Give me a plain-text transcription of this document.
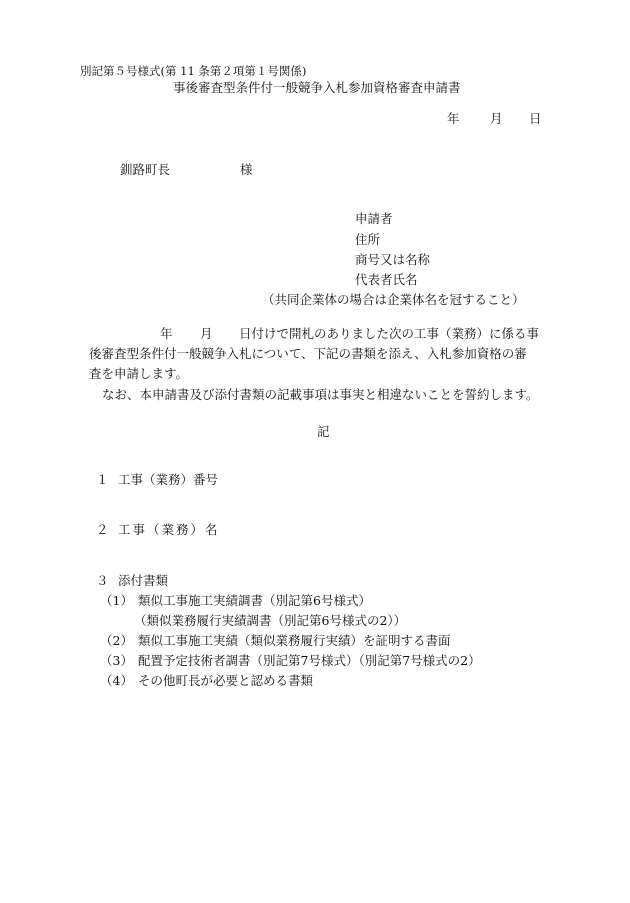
別記第５号様式(第 11 条第２項第１号関係)
事後審査型条件付一般競争入札参加資格審査申請書
年 月 日
釧路町長	様
申請者
住所
商号又は名称
代表者氏名
（共同企業体の場合は企業体名を冠すること）
年 月 日付けで開札のありました次の工事（業務）に係る事
後審査型条件付一般競争入札について、下記の書類を添え、入札参加資格の審
査を申請します。
なお、本申請書及び添付書類の記載事項は事実と相違ないことを誓約します。
記
１ 工事（業務）番号
２ 工事（業務）名
３ 添付書類
（1） 類似工事施工実績調書（別記第6号様式）
（類似業務履行実績調書（別記第6号様式の2））
（2） 類似工事施工実績（類似業務履行実績）を証明する書面
（3） 配置予定技術者調書（別記第7号様式）（別記第7号様式の2）
（4） その他町長が必要と認める書類
